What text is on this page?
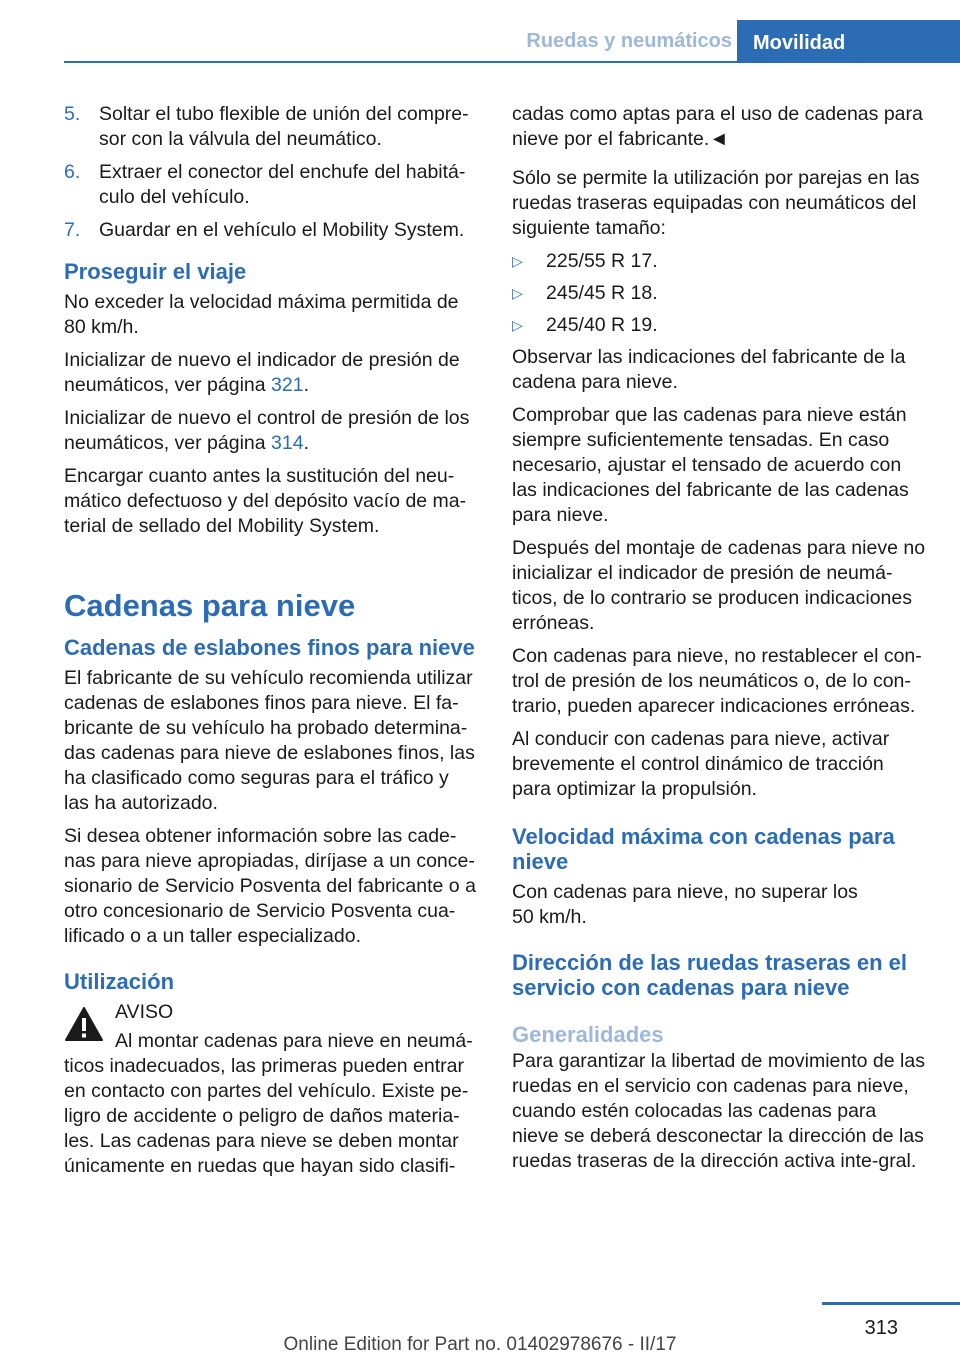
Ruedas y neumáticos	Movilidad
5. Soltar el tubo flexible de unión del compre‐sor con la válvula del neumático.
6. Extraer el conector del enchufe del habitá‐culo del vehículo.
7. Guardar en el vehículo el Mobility System.
Proseguir el viaje

No exceder la velocidad máxima permitida de 80 km/h.

Inicializar de nuevo el indicador de presión de neumáticos, ver página 321.

Inicializar de nuevo el control de presión de los neumáticos, ver página 314.

Encargar cuanto antes la sustitución del neu‐mático defectuoso y del depósito vacío de ma‐terial de sellado del Mobility System.

Cadenas para nieve
Cadenas de eslabones finos para nieve

El fabricante de su vehículo recomienda utilizar cadenas de eslabones finos para nieve. El fa‐bricante de su vehículo ha probado determina‐das cadenas para nieve de eslabones finos, las ha clasificado como seguras para el tráfico y las ha autorizado.

Si desea obtener información sobre las cade‐nas para nieve apropiadas, diríjase a un conce‐sionario de Servicio Posventa del fabricante o a otro concesionario de Servicio Posventa cua‐lificado o a un taller especializado.

Utilización
AVISO

Al montar cadenas para nieve en neumá‐ticos inadecuados, las primeras pueden entrar en contacto con partes del vehículo. Existe pe‐ligro de accidente o peligro de daños materia‐les. Las cadenas para nieve se deben montar únicamente en ruedas que hayan sido clasifi‐

cadas como aptas para el uso de cadenas para nieve por el fabricante.◄

Sólo se permite la utilización por parejas en las ruedas traseras equipadas con neumáticos del siguiente tamaño:

▷ 225/55 R 17.
▷ 245/45 R 18.
▷ 245/40 R 19.

Observar las indicaciones del fabricante de la cadena para nieve.

Comprobar que las cadenas para nieve están siempre suficientemente tensadas. En caso necesario, ajustar el tensado de acuerdo con las indicaciones del fabricante de las cadenas para nieve.

Después del montaje de cadenas para nieve no inicializar el indicador de presión de neumá‐ticos, de lo contrario se producen indicaciones erróneas.

Con cadenas para nieve, no restablecer el con‐trol de presión de los neumáticos o, de lo con‐trario, pueden aparecer indicaciones erróneas.

Al conducir con cadenas para nieve, activar brevemente el control dinámico de tracción para optimizar la propulsión.

Velocidad máxima con cadenas para nieve

Con cadenas para nieve, no superar los 50 km/h.

Dirección de las ruedas traseras en el servicio con cadenas para nieve
Generalidades

Para garantizar la libertad de movimiento de las ruedas en el servicio con cadenas para nieve, cuando estén colocadas las cadenas para nieve se deberá desconectar la dirección de las ruedas traseras de la dirección activa inte‐gral.

313
Online Edition for Part no. 01402978676 - II/17
